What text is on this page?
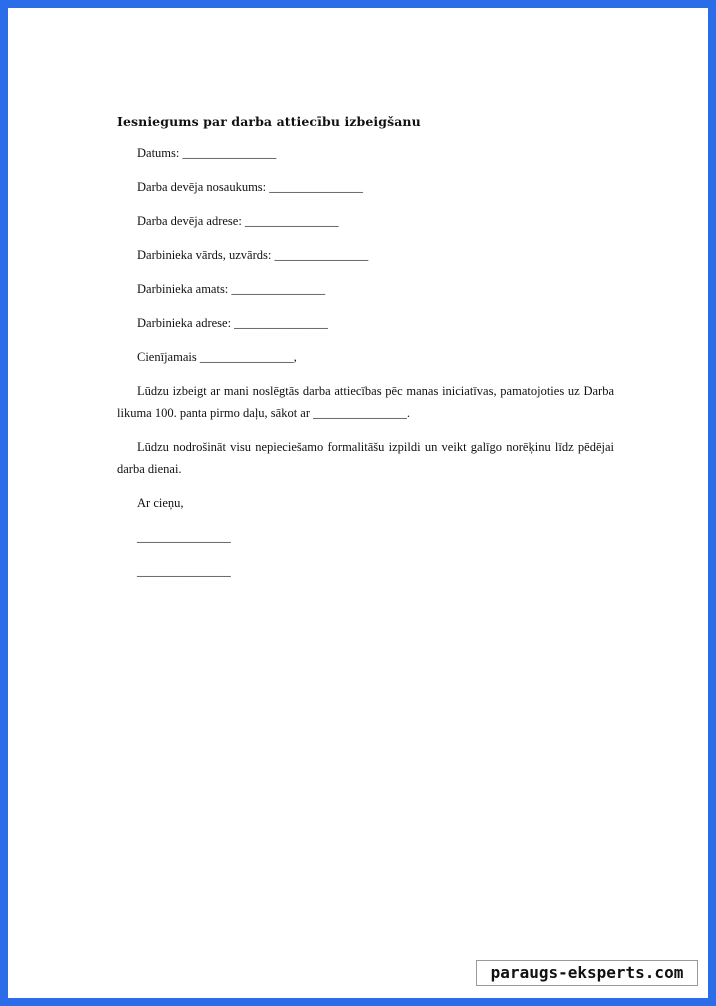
Iesniegums par darba attiecību izbeigšanu

Datums: _______________

Darba devēja nosaukums: _______________

Darba devēja adrese: _______________

Darbinieka vārds, uzvārds: _______________

Darbinieka amats: _______________

Darbinieka adrese: _______________

Cienījamais _______________,

Lūdzu izbeigt ar mani noslēgtās darba attiecības pēc manas iniciatīvas, pamatojoties uz Darba likuma 100. panta pirmo daļu, sākot ar _______________.

Lūdzu nodrošināt visu nepieciešamo formalitāšu izpildi un veikt galīgo norēķinu līdz pēdējai darba dienai.

Ar cieņu,

_______________

_______________

paraugs-eksperts.com
